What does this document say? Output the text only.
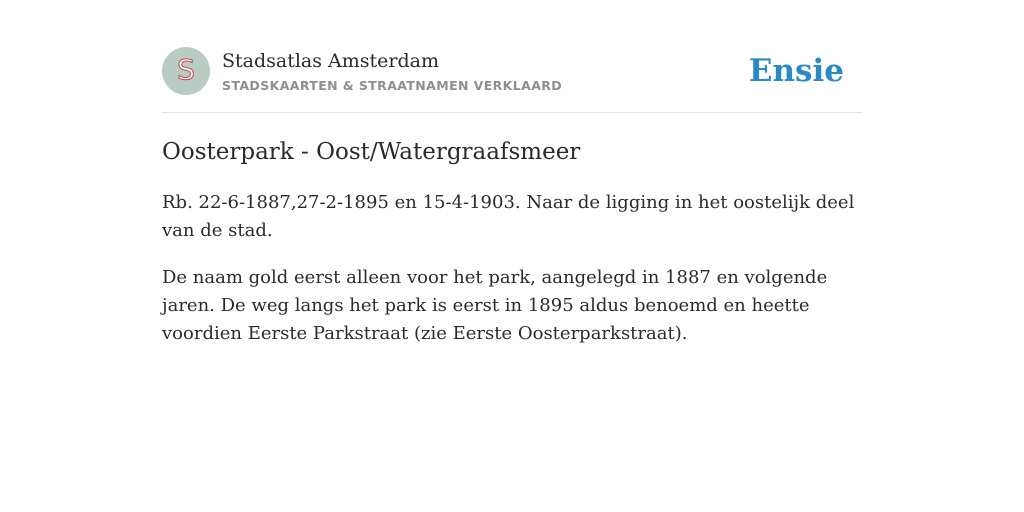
S Stadsatlas Amsterdam
STADSKAARTEN & STRAATNAMEN VERKLAARD	Ensie
Oosterpark - Oost/Watergraafsmeer

Rb. 22-6-1887,27-2-1895 en 15-4-1903. Naar de ligging in het oostelijk deel van de stad.

De naam gold eerst alleen voor het park, aangelegd in 1887 en volgende jaren. De weg langs het park is eerst in 1895 aldus benoemd en heette voordien Eerste Parkstraat (zie Eerste Oosterparkstraat).
